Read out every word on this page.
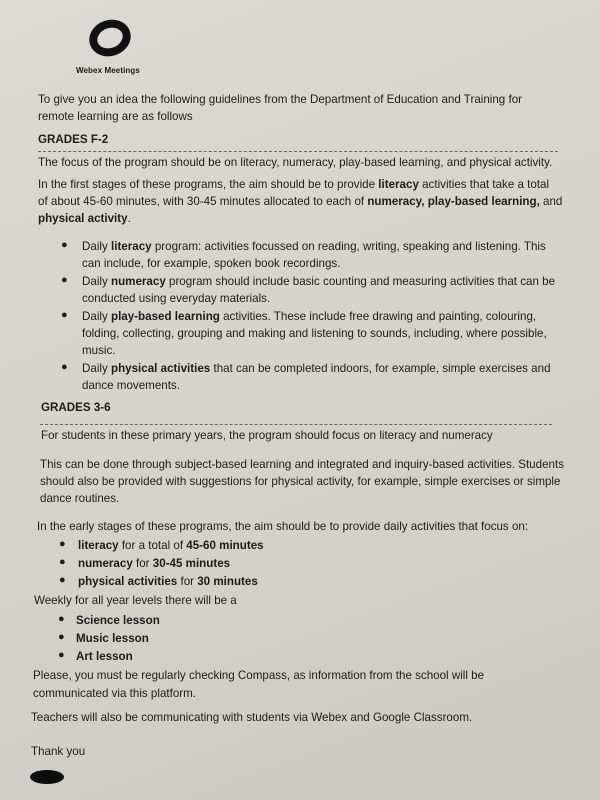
Webex Meetings
To give you an idea the following guidelines from the Department of Education and Training for
remote learning are as follows
GRADES F-2
The focus of the program should be on literacy, numeracy, play-based learning, and physical activity.
In the first stages of these programs, the aim should be to provide literacy activities that take a total
of about 45-60 minutes, with 30-45 minutes allocated to each of numeracy, play-based learning, and
physical activity.
● Daily literacy program: activities focussed on reading, writing, speaking and listening. This
can include, for example, spoken book recordings.
● Daily numeracy program should include basic counting and measuring activities that can be
conducted using everyday materials.
● Daily play-based learning activities. These include free drawing and painting, colouring,
folding, collecting, grouping and making and listening to sounds, including, where possible,
music.
● Daily physical activities that can be completed indoors, for example, simple exercises and
dance movements.
GRADES 3-6
For students in these primary years, the program should focus on literacy and numeracy
This can be done through subject-based learning and integrated and inquiry-based activities. Students
should also be provided with suggestions for physical activity, for example, simple exercises or simple
dance routines.
In the early stages of these programs, the aim should be to provide daily activities that focus on:
● literacy for a total of 45-60 minutes
● numeracy for 30-45 minutes
● physical activities for 30 minutes
Weekly for all year levels there will be a
● Science lesson
● Music lesson
● Art lesson
Please, you must be regularly checking Compass, as information from the school will be
communicated via this platform.
Teachers will also be communicating with students via Webex and Google Classroom.
Thank you
